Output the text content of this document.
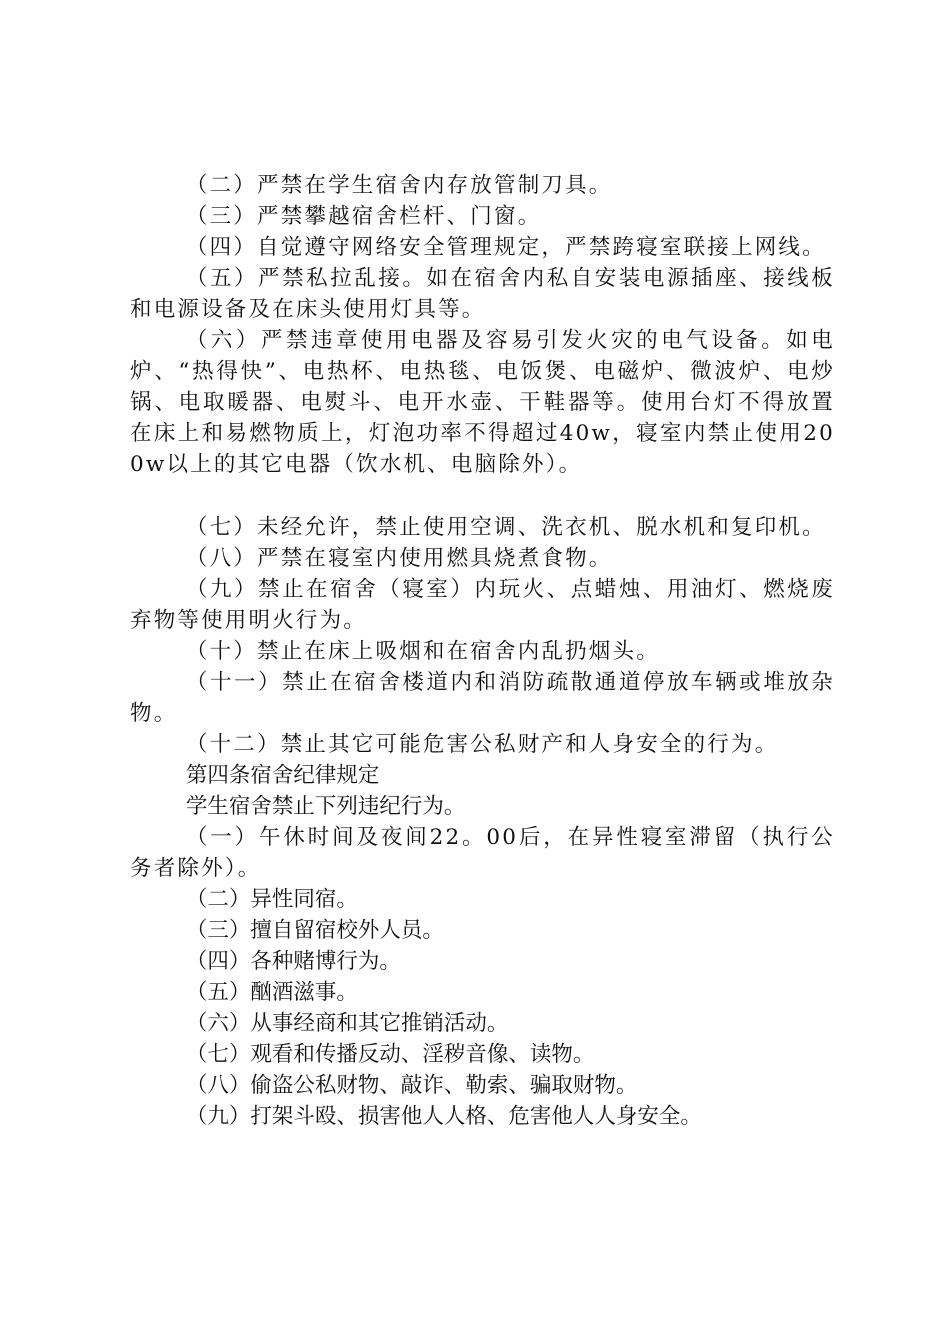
（二）严禁在学生宿舍内存放管制刀具。

（三）严禁攀越宿舍栏杆、门窗。

（四）自觉遵守网络安全管理规定，严禁跨寝室联接上网线。

（五）严禁私拉乱接。如在宿舍内私自安装电源插座、接线板和电源设备及在床头使用灯具等。

（六）严禁违章使用电器及容易引发火灾的电气设备。如电炉、“热得快”、电热杯、电热毯、电饭煲、电磁炉、微波炉、电炒锅、电取暖器、电熨斗、电开水壶、干鞋器等。使用台灯不得放置在床上和易燃物质上，灯泡功率不得超过40w，寝室内禁止使用200w以上的其它电器（饮水机、电脑除外）。

（七）未经允许，禁止使用空调、洗衣机、脱水机和复印机。

（八）严禁在寝室内使用燃具烧煮食物。

（九）禁止在宿舍（寝室）内玩火、点蜡烛、用油灯、燃烧废弃物等使用明火行为。

（十）禁止在床上吸烟和在宿舍内乱扔烟头。

（十一）禁止在宿舍楼道内和消防疏散通道停放车辆或堆放杂物。

（十二）禁止其它可能危害公私财产和人身安全的行为。

第四条宿舍纪律规定

学生宿舍禁止下列违纪行为。

（一）午休时间及夜间22。00后，在异性寝室滞留（执行公务者除外）。

（二）异性同宿。

（三）擅自留宿校外人员。

（四）各种赌博行为。

（五）酗酒滋事。

（六）从事经商和其它推销活动。

（七）观看和传播反动、淫秽音像、读物。

（八）偷盗公私财物、敲诈、勒索、骗取财物。

（九）打架斗殴、损害他人人格、危害他人人身安全。
